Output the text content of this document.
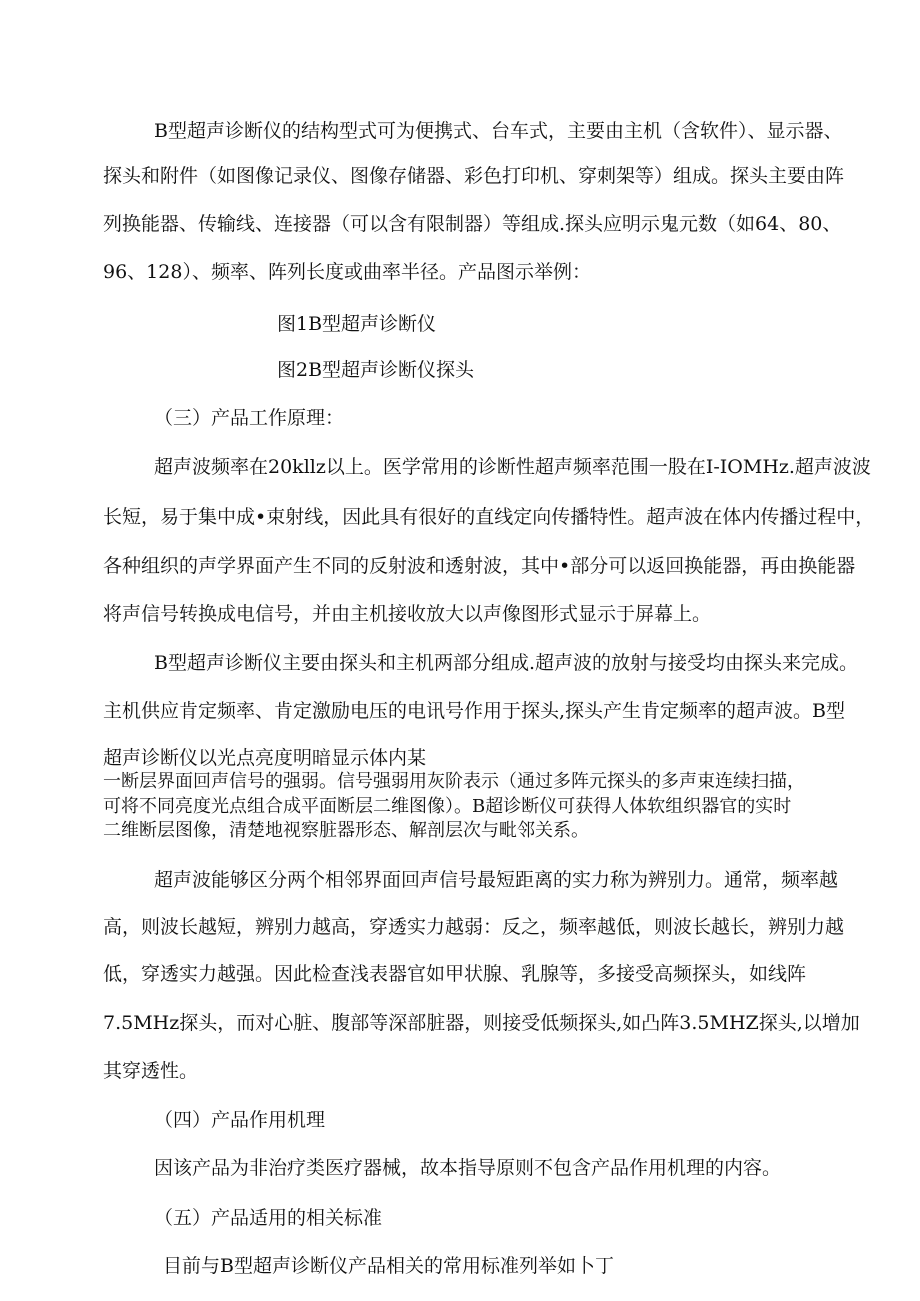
B型超声诊断仪的结构型式可为便携式、台车式，主要由主机（含软件）、显示器、
探头和附件（如图像记录仪、图像存储器、彩色打印机、穿刺架等）组成。探头主要由阵
列换能器、传输线、连接器（可以含有限制器）等组成.探头应明示鬼元数（如64、80、
96、128）、频率、阵列长度或曲率半径。产品图示举例：
图1B型超声诊断仪
图2B型超声诊断仪探头
（三）产品工作原理：
超声波频率在20kllz以上。医学常用的诊断性超声频率范围一股在I-IOMHz.超声波波
长短，易于集中成•束射线，因此具有很好的直线定向传播特性。超声波在体内传播过程中，
各种组织的声学界面产生不同的反射波和透射波，其中•部分可以返回换能器，再由换能器
将声信号转换成电信号，并由主机接收放大以声像图形式显示于屏幕上。
B型超声诊断仪主要由探头和主机两部分组成.超声波的放射与接受均由探头来完成。
主机供应肯定频率、肯定激励电压的电讯号作用于探头,探头产生肯定频率的超声波。B型
超声诊断仪以光点亮度明暗显示体内某
一断层界面回声信号的强弱。信号强弱用灰阶表示（通过多阵元探头的多声束连续扫描，
可将不同亮度光点组合成平面断层二维图像）。B超诊断仪可获得人体软组织器官的实时
二维断层图像，清楚地视察脏器形态、解剖层次与毗邻关系。
超声波能够区分两个相邻界面回声信号最短距离的实力称为辨别力。通常，频率越
高，则波长越短，辨别力越高，穿透实力越弱：反之，频率越低，则波长越长，辨别力越
低，穿透实力越强。因此检查浅表器官如甲状腺、乳腺等，多接受高频探头，如线阵
7.5MHz探头，而对心脏、腹部等深部脏器，则接受低频探头,如凸阵3.5MHZ探头,以增加
其穿透性。
（四）产品作用机理
因该产品为非治疗类医疗器械，故本指导原则不包含产品作用机理的内容。
（五）产品适用的相关标准
目前与B型超声诊断仪产品相关的常用标准列举如卜丁
